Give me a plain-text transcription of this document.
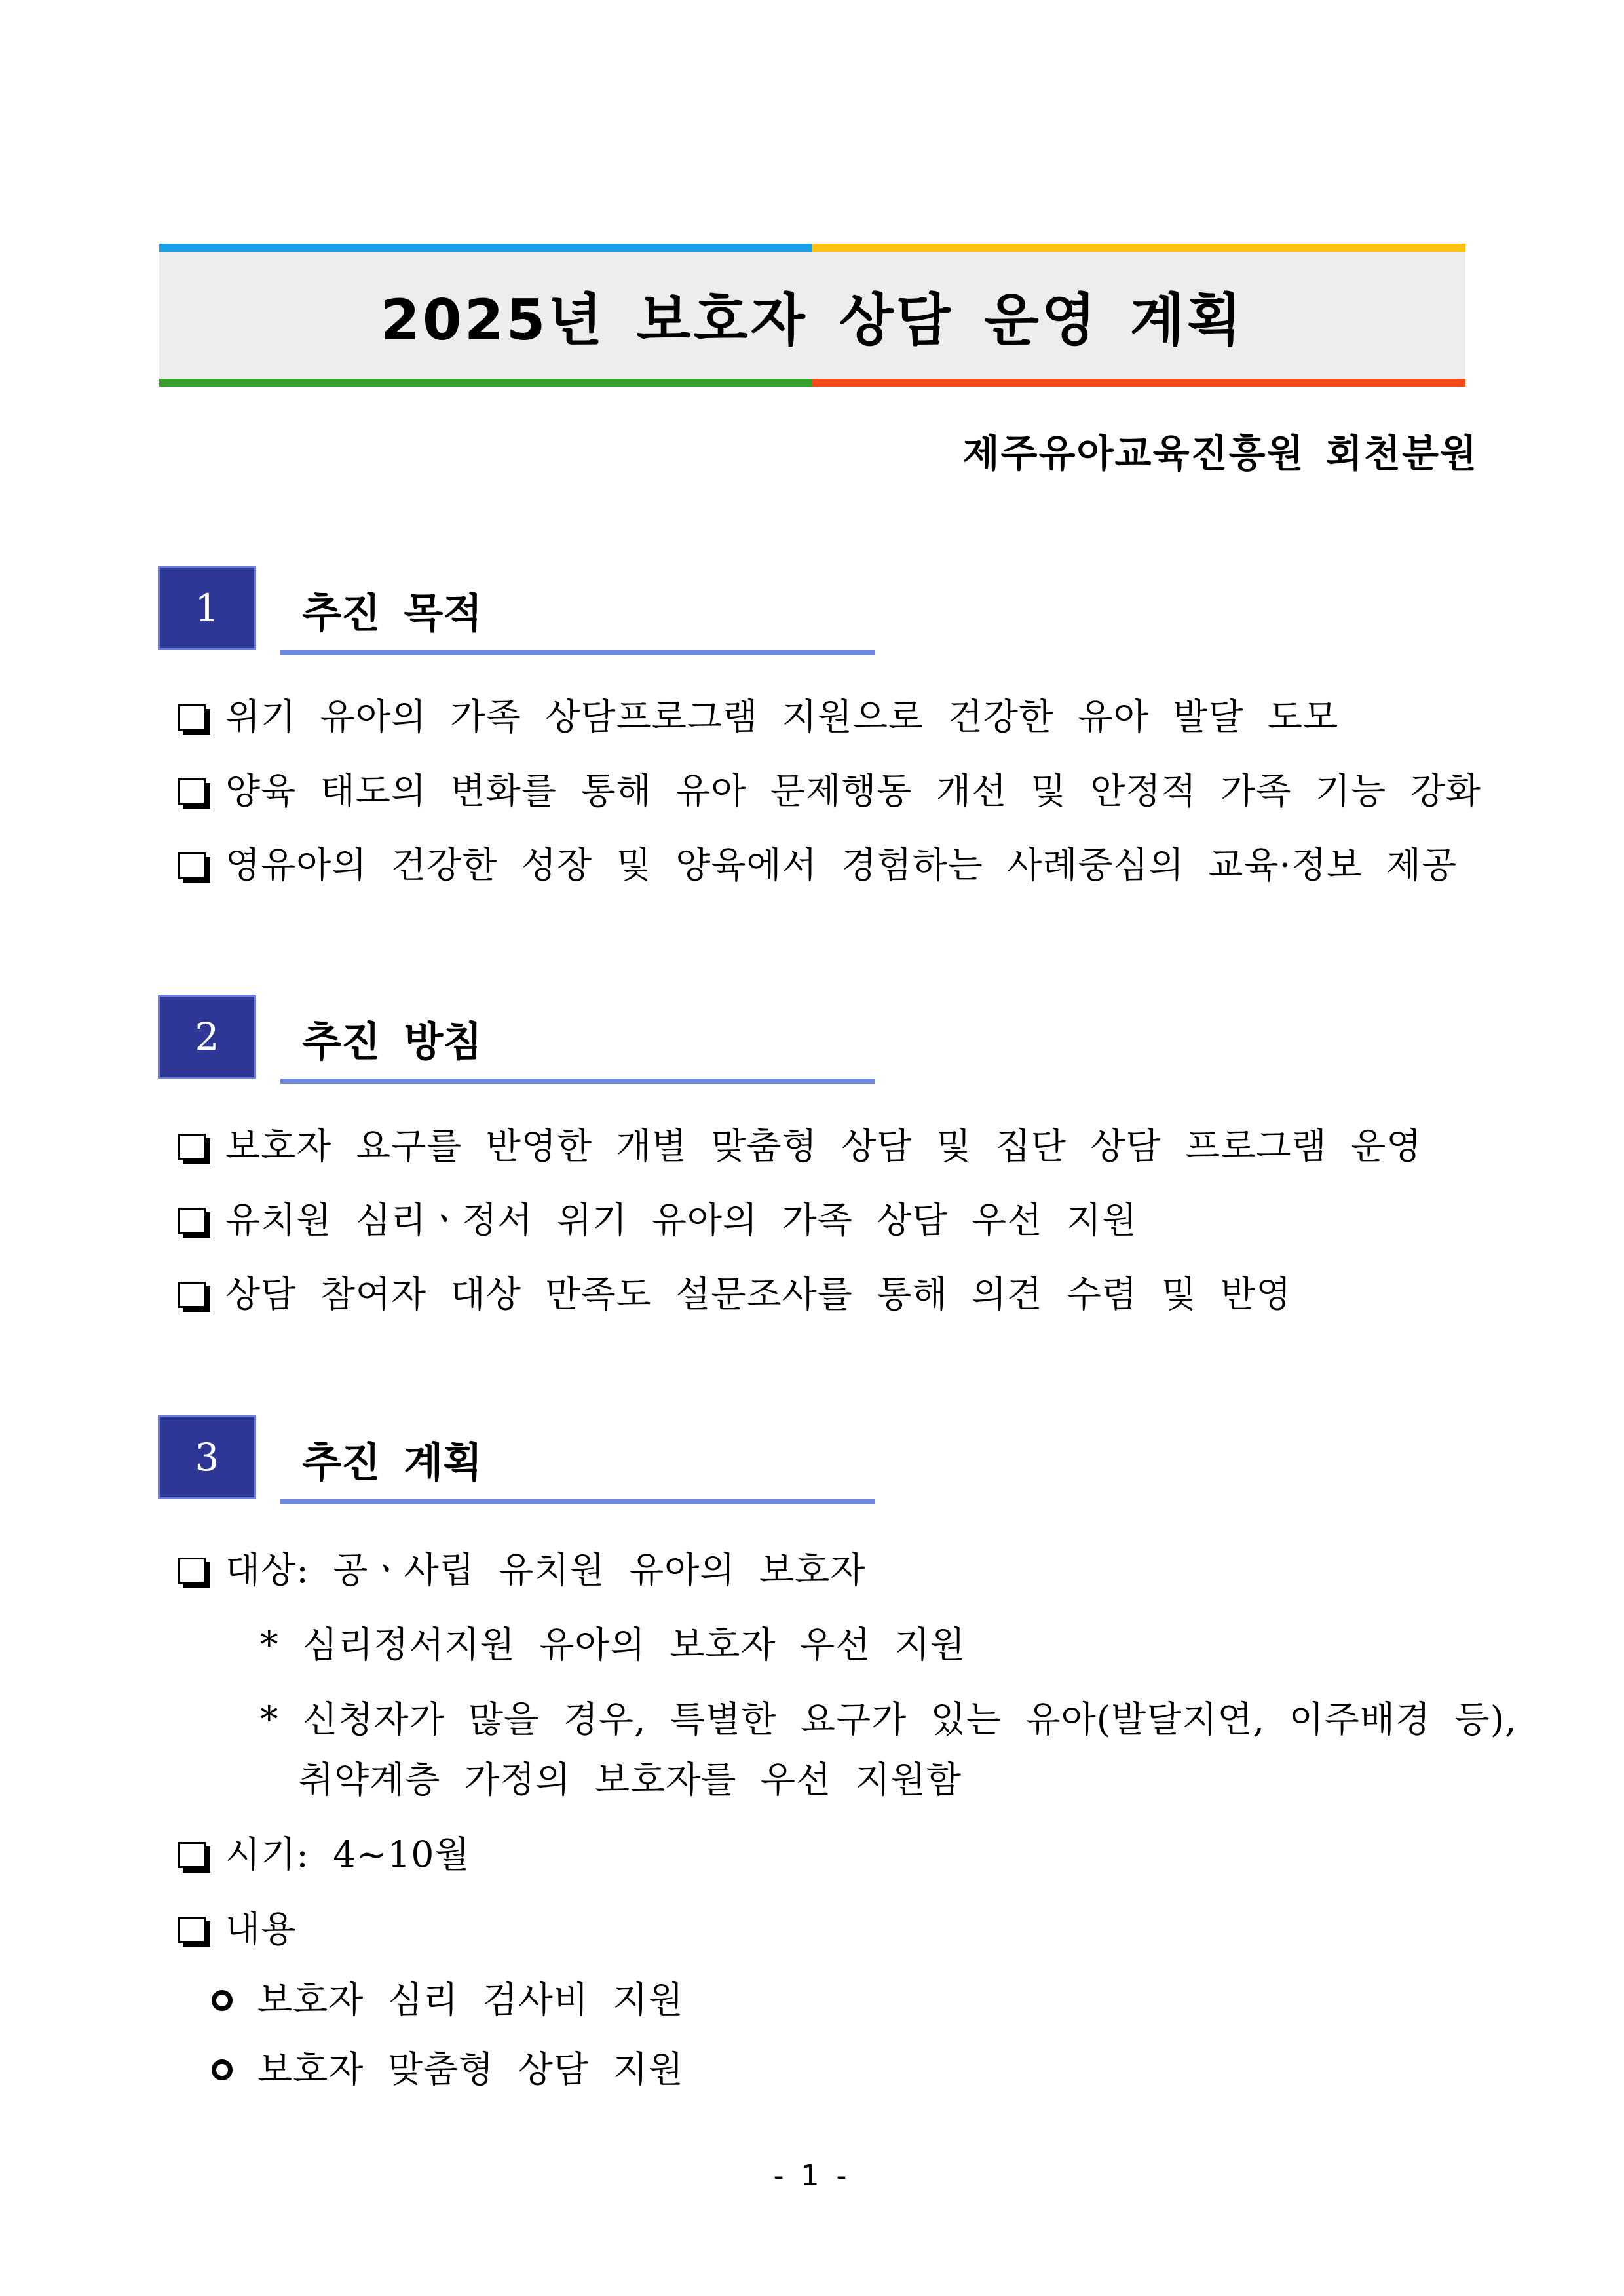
2025년 보호자 상담 운영 계획
제주유아교육진흥원 회천분원
1	추진 목적
위기 유아의 가족 상담프로그램 지원으로 건강한 유아 발달 도모
양육 태도의 변화를 통해 유아 문제행동 개선 및 안정적 가족 기능 강화
영유아의 건강한 성장 및 양육에서 경험하는 사례중심의 교육·정보 제공
2	추진 방침
보호자 요구를 반영한 개별 맞춤형 상담 및 집단 상담 프로그램 운영
유치원 심리ㆍ정서 위기 유아의 가족 상담 우선 지원
상담 참여자 대상 만족도 설문조사를 통해 의견 수렴 및 반영
3	추진 계획
대상: 공ㆍ사립 유치원 유아의 보호자
* 심리정서지원 유아의 보호자 우선 지원
* 신청자가 많을 경우, 특별한 요구가 있는 유아(발달지연, 이주배경 등),
취약계층 가정의 보호자를 우선 지원함
시기: 4~10월
내용
보호자 심리 검사비 지원
보호자 맞춤형 상담 지원
- 1 -
